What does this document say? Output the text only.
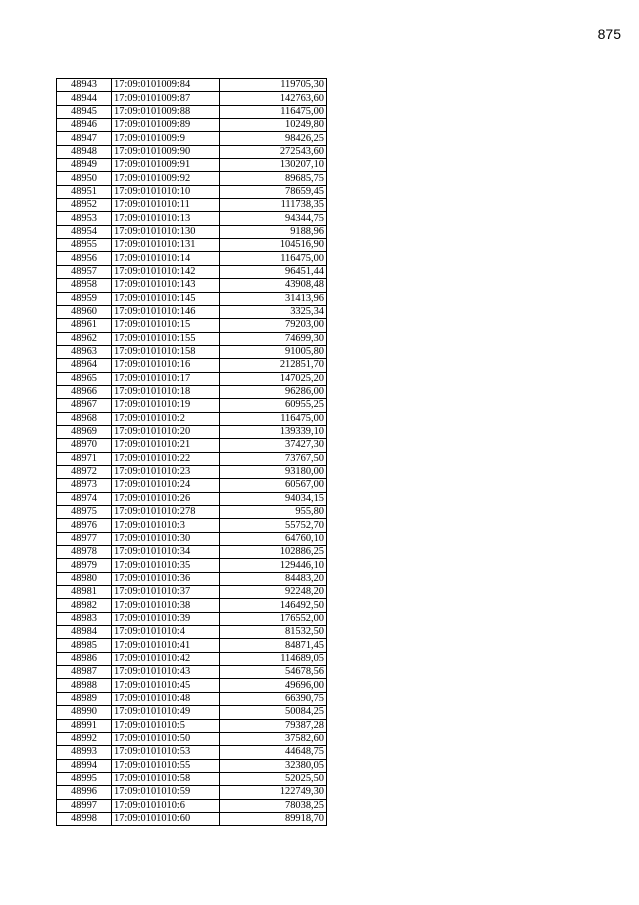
875
48943	17:09:0101009:84	119705,30
48944	17:09:0101009:87	142763,60
48945	17:09:0101009:88	116475,00
48946	17:09:0101009:89	10249,80
48947	17:09:0101009:9	98426,25
48948	17:09:0101009:90	272543,60
48949	17:09:0101009:91	130207,10
48950	17:09:0101009:92	89685,75
48951	17:09:0101010:10	78659,45
48952	17:09:0101010:11	111738,35
48953	17:09:0101010:13	94344,75
48954	17:09:0101010:130	9188,96
48955	17:09:0101010:131	104516,90
48956	17:09:0101010:14	116475,00
48957	17:09:0101010:142	96451,44
48958	17:09:0101010:143	43908,48
48959	17:09:0101010:145	31413,96
48960	17:09:0101010:146	3325,34
48961	17:09:0101010:15	79203,00
48962	17:09:0101010:155	74699,30
48963	17:09:0101010:158	91005,80
48964	17:09:0101010:16	212851,70
48965	17:09:0101010:17	147025,20
48966	17:09:0101010:18	96286,00
48967	17:09:0101010:19	60955,25
48968	17:09:0101010:2	116475,00
48969	17:09:0101010:20	139339,10
48970	17:09:0101010:21	37427,30
48971	17:09:0101010:22	73767,50
48972	17:09:0101010:23	93180,00
48973	17:09:0101010:24	60567,00
48974	17:09:0101010:26	94034,15
48975	17:09:0101010:278	955,80
48976	17:09:0101010:3	55752,70
48977	17:09:0101010:30	64760,10
48978	17:09:0101010:34	102886,25
48979	17:09:0101010:35	129446,10
48980	17:09:0101010:36	84483,20
48981	17:09:0101010:37	92248,20
48982	17:09:0101010:38	146492,50
48983	17:09:0101010:39	176552,00
48984	17:09:0101010:4	81532,50
48985	17:09:0101010:41	84871,45
48986	17:09:0101010:42	114689,05
48987	17:09:0101010:43	54678,56
48988	17:09:0101010:45	49696,00
48989	17:09:0101010:48	66390,75
48990	17:09:0101010:49	50084,25
48991	17:09:0101010:5	79387,28
48992	17:09:0101010:50	37582,60
48993	17:09:0101010:53	44648,75
48994	17:09:0101010:55	32380,05
48995	17:09:0101010:58	52025,50
48996	17:09:0101010:59	122749,30
48997	17:09:0101010:6	78038,25
48998	17:09:0101010:60	89918,70
